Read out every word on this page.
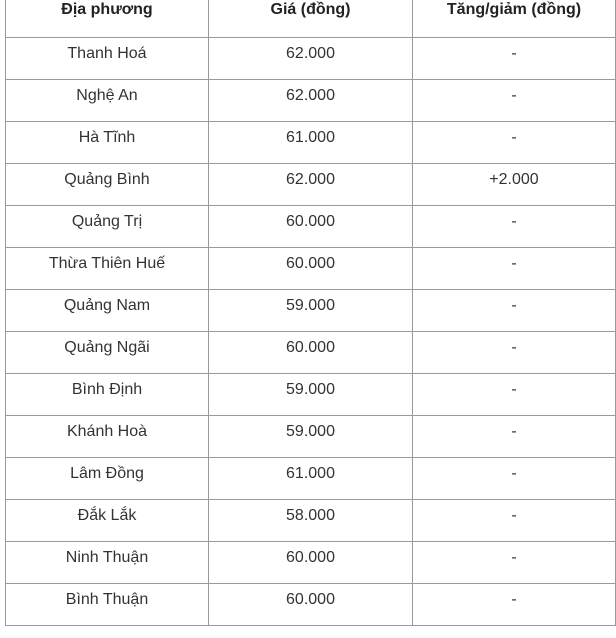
Địa phương	Giá (đồng)	Tăng/giảm (đồng)
Thanh Hoá	62.000	-
Nghệ An	62.000	-
Hà Tĩnh	61.000	-
Quảng Bình	62.000	+2.000
Quảng Trị	60.000	-
Thừa Thiên Huế	60.000	-
Quảng Nam	59.000	-
Quảng Ngãi	60.000	-
Bình Định	59.000	-
Khánh Hoà	59.000	-
Lâm Đồng	61.000	-
Đắk Lắk	58.000	-
Ninh Thuận	60.000	-
Bình Thuận	60.000	-
